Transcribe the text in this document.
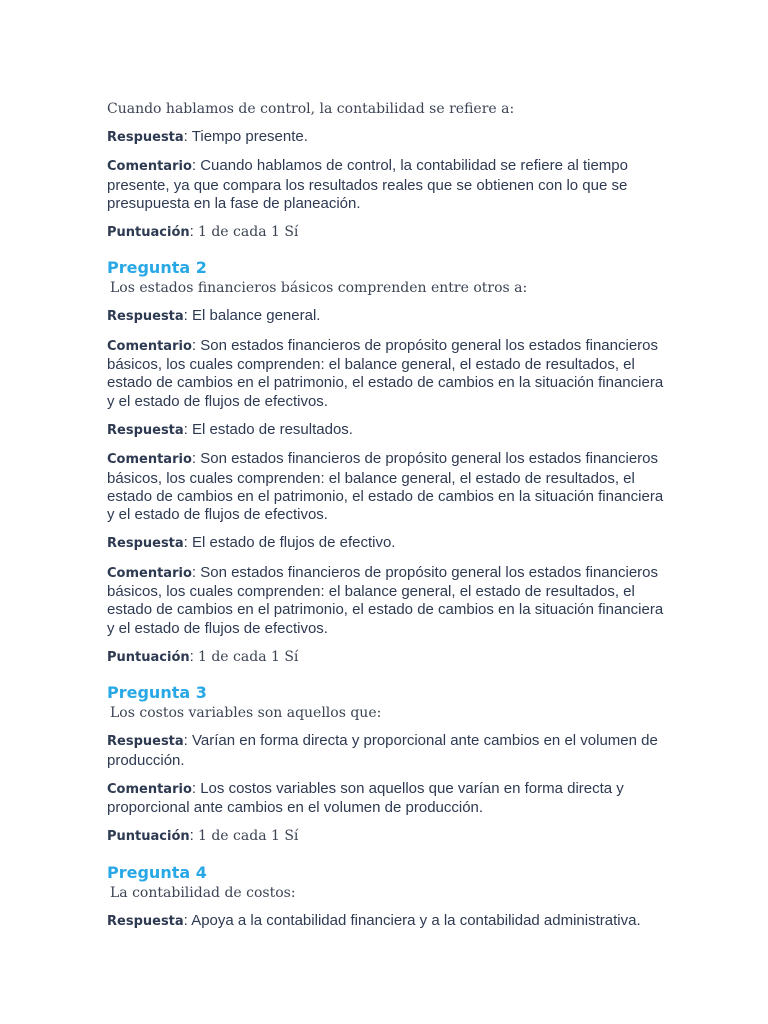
Cuando hablamos de control, la contabilidad se refiere a:

Respuesta: Tiempo presente.

Comentario: Cuando hablamos de control, la contabilidad se refiere al tiempo presente, ya que compara los resultados reales que se obtienen con lo que se presupuesta en la fase de planeación.

Puntuación: 1 de cada 1 Sí

Pregunta 2

Los estados financieros básicos comprenden entre otros a:

Respuesta: El balance general.

Comentario: Son estados financieros de propósito general los estados financieros básicos, los cuales comprenden: el balance general, el estado de resultados, el estado de cambios en el patrimonio, el estado de cambios en la situación financiera y el estado de flujos de efectivos.

Respuesta: El estado de resultados.

Comentario: Son estados financieros de propósito general los estados financieros básicos, los cuales comprenden: el balance general, el estado de resultados, el estado de cambios en el patrimonio, el estado de cambios en la situación financiera y el estado de flujos de efectivos.

Respuesta: El estado de flujos de efectivo.

Comentario: Son estados financieros de propósito general los estados financieros básicos, los cuales comprenden: el balance general, el estado de resultados, el estado de cambios en el patrimonio, el estado de cambios en la situación financiera y el estado de flujos de efectivos.

Puntuación: 1 de cada 1 Sí

Pregunta 3

Los costos variables son aquellos que:

Respuesta: Varían en forma directa y proporcional ante cambios en el volumen de producción.

Comentario: Los costos variables son aquellos que varían en forma directa y proporcional ante cambios en el volumen de producción.

Puntuación: 1 de cada 1 Sí

Pregunta 4

La contabilidad de costos:

Respuesta: Apoya a la contabilidad financiera y a la contabilidad administrativa.
